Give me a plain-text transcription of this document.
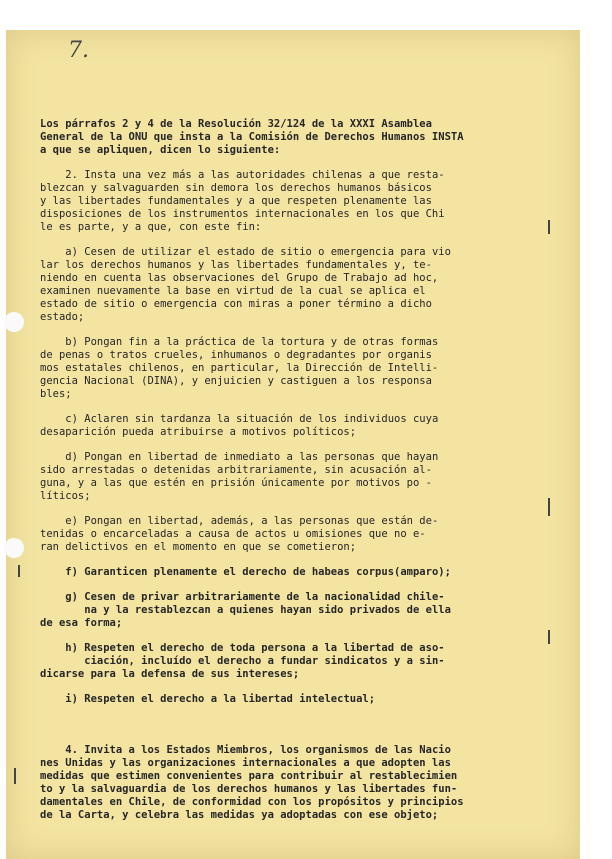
7.

Los párrafos 2 y 4 de la Resolución 32/124 de la XXXI Asamblea
General de la ONU que insta a la Comisión de Derechos Humanos INSTA
a que se apliquen, dicen lo siguiente:

2. Insta una vez más a las autoridades chilenas a que resta-
blezcan y salvaguarden sin demora los derechos humanos básicos
y las libertades fundamentales y a que respeten plenamente las
disposiciones de los instrumentos internacionales en los que Chi
le es parte, y a que, con este fin:

a) Cesen de utilizar el estado de sitio o emergencia para vio
lar los derechos humanos y las libertades fundamentales y, te-
niendo en cuenta las observaciones del Grupo de Trabajo ad hoc,
examinen nuevamente la base en virtud de la cual se aplica el
estado de sitio o emergencia con miras a poner término a dicho
estado;

b) Pongan fin a la práctica de la tortura y de otras formas
de penas o tratos crueles, inhumanos o degradantes por organis
mos estatales chilenos, en particular, la Dirección de Intelli-
gencia Nacional (DINA), y enjuicien y castiguen a los responsa
bles;

c) Aclaren sin tardanza la situación de los individuos cuya
desaparición pueda atribuirse a motivos políticos;

d) Pongan en libertad de inmediato a las personas que hayan
sido arrestadas o detenidas arbitrariamente, sin acusación al-
guna, y a las que estén en prisión únicamente por motivos po -
líticos;

e) Pongan en libertad, además, a las personas que están de-
tenidas o encarceladas a causa de actos u omisiones que no e-
ran delictivos en el momento en que se cometieron;

f) Garanticen plenamente el derecho de habeas corpus(amparo);

g) Cesen de privar arbitrariamente de la nacionalidad chile-
na y la restablezcan a quienes hayan sido privados de ella
de esa forma;

h) Respeten el derecho de toda persona a la libertad de aso-
ciación, incluído el derecho a fundar sindicatos y a sin-
dicarse para la defensa de sus intereses;

i) Respeten el derecho a la libertad intelectual;

4. Invita a los Estados Miembros, los organismos de las Nacio
nes Unidas y las organizaciones internacionales a que adopten las
medidas que estimen convenientes para contribuir al restablecimien
to y la salvaguardia de los derechos humanos y las libertades fun-
damentales en Chile, de conformidad con los propósitos y principios
de la Carta, y celebra las medidas ya adoptadas con ese objeto;
